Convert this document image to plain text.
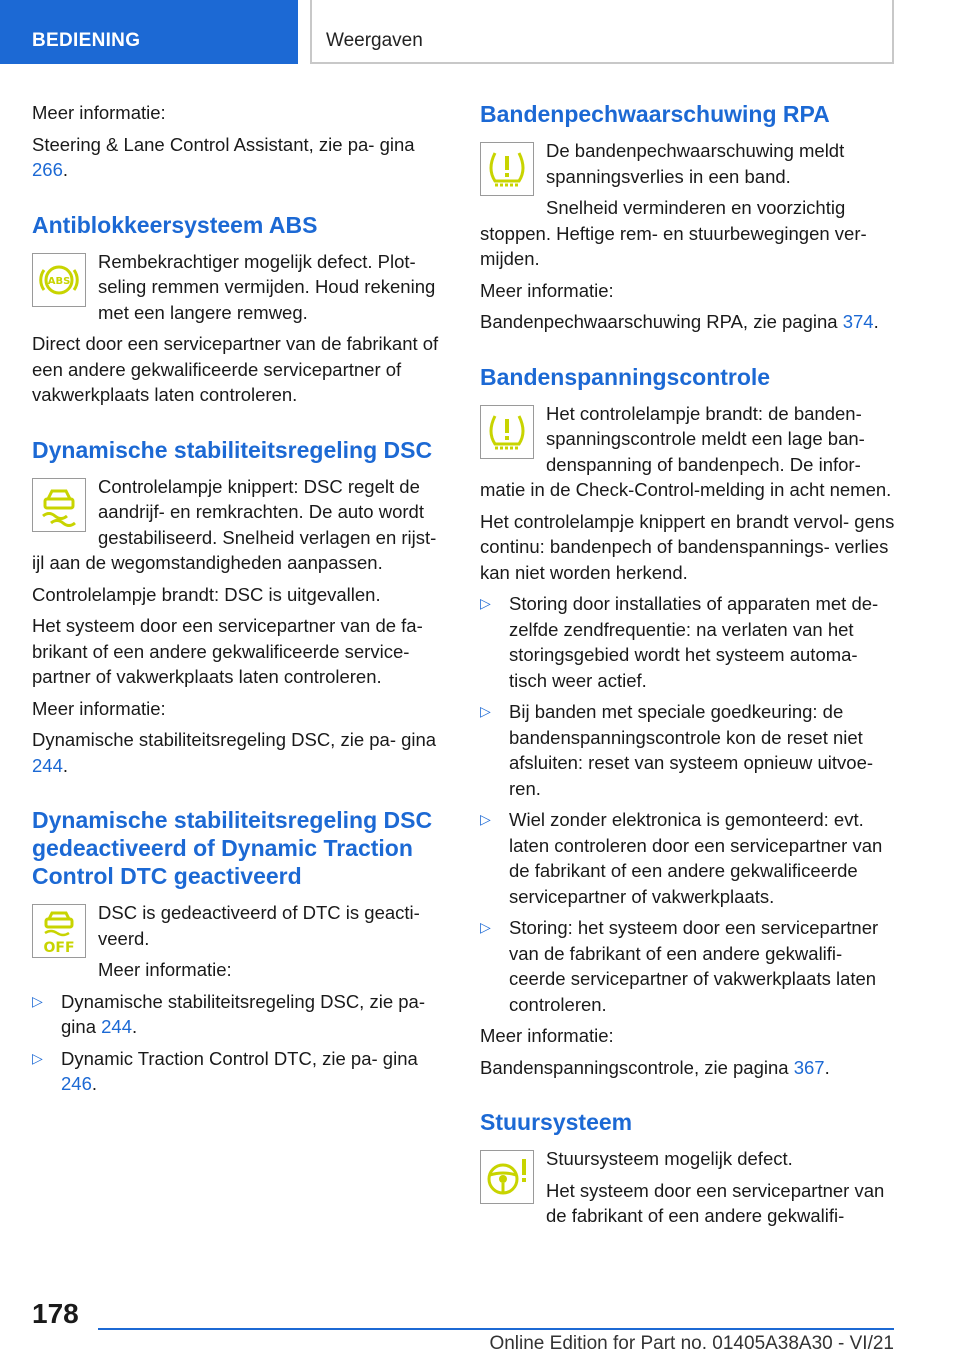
BEDIENING	Weergaven

Meer informatie:

Steering & Lane Control Assistant, zie pa‐ gina 266.

Antiblokkeersysteem ABS
ABS

Rembekrachtiger mogelijk defect. Plot‐ seling remmen vermijden. Houd rekening met een langere remweg.

Direct door een servicepartner van de fabrikant of een andere gekwalificeerde servicepartner of vakwerkplaats laten controleren.

Dynamische stabiliteitsregeling DSC

Controlelampje knippert: DSC regelt de aandrijf- en remkrachten. De auto wordt gestabiliseerd. Snelheid verlagen en rijst‐ ijl aan de wegomstandigheden aanpassen.

Controlelampje brandt: DSC is uitgevallen.

Het systeem door een servicepartner van de fa‐ brikant of een andere gekwalificeerde service‐ partner of vakwerkplaats laten controleren.

Meer informatie:

Dynamische stabiliteitsregeling DSC, zie pa‐ gina 244.

Dynamische stabiliteitsregeling DSC gedeactiveerd of Dynamic Traction Control DTC geactiveerd
OFF

DSC is gedeactiveerd of DTC is geacti‐ veerd.

Meer informatie:

▷ Dynamische stabiliteitsregeling DSC, zie pa‐ gina 244.
▷ Dynamic Traction Control DTC, zie pa‐ gina 246.
Bandenpechwaarschuwing RPA

De bandenpechwaarschuwing meldt spanningsverlies in een band.

Snelheid verminderen en voorzichtig stoppen. Heftige rem- en stuurbewegingen ver‐ mijden.

Meer informatie:

Bandenpechwaarschuwing RPA, zie pagina 374.

Bandenspanningscontrole

Het controlelampje brandt: de banden‐ spanningscontrole meldt een lage ban‐ denspanning of bandenpech. De infor‐ matie in de Check-Control-melding in acht nemen.

Het controlelampje knippert en brandt vervol‐ gens continu: bandenpech of bandenspannings‐ verlies kan niet worden herkend.

▷ Storing door installaties of apparaten met de‐ zelfde zendfrequentie: na verlaten van het storingsgebied wordt het systeem automa‐ tisch weer actief.
▷ Bij banden met speciale goedkeuring: de bandenspanningscontrole kon de reset niet afsluiten: reset van systeem opnieuw uitvoe‐ ren.
▷ Wiel zonder elektronica is gemonteerd: evt. laten controleren door een servicepartner van de fabrikant of een andere gekwalificeerde servicepartner of vakwerkplaats.
▷ Storing: het systeem door een servicepartner van de fabrikant of een andere gekwalifi‐ ceerde servicepartner of vakwerkplaats laten controleren.

Meer informatie:

Bandenspanningscontrole, zie pagina 367.

Stuursysteem

Stuursysteem mogelijk defect.

Het systeem door een servicepartner van de fabrikant of een andere gekwalifi‐

178
Online Edition for Part no. 01405A38A30 - VI/21
